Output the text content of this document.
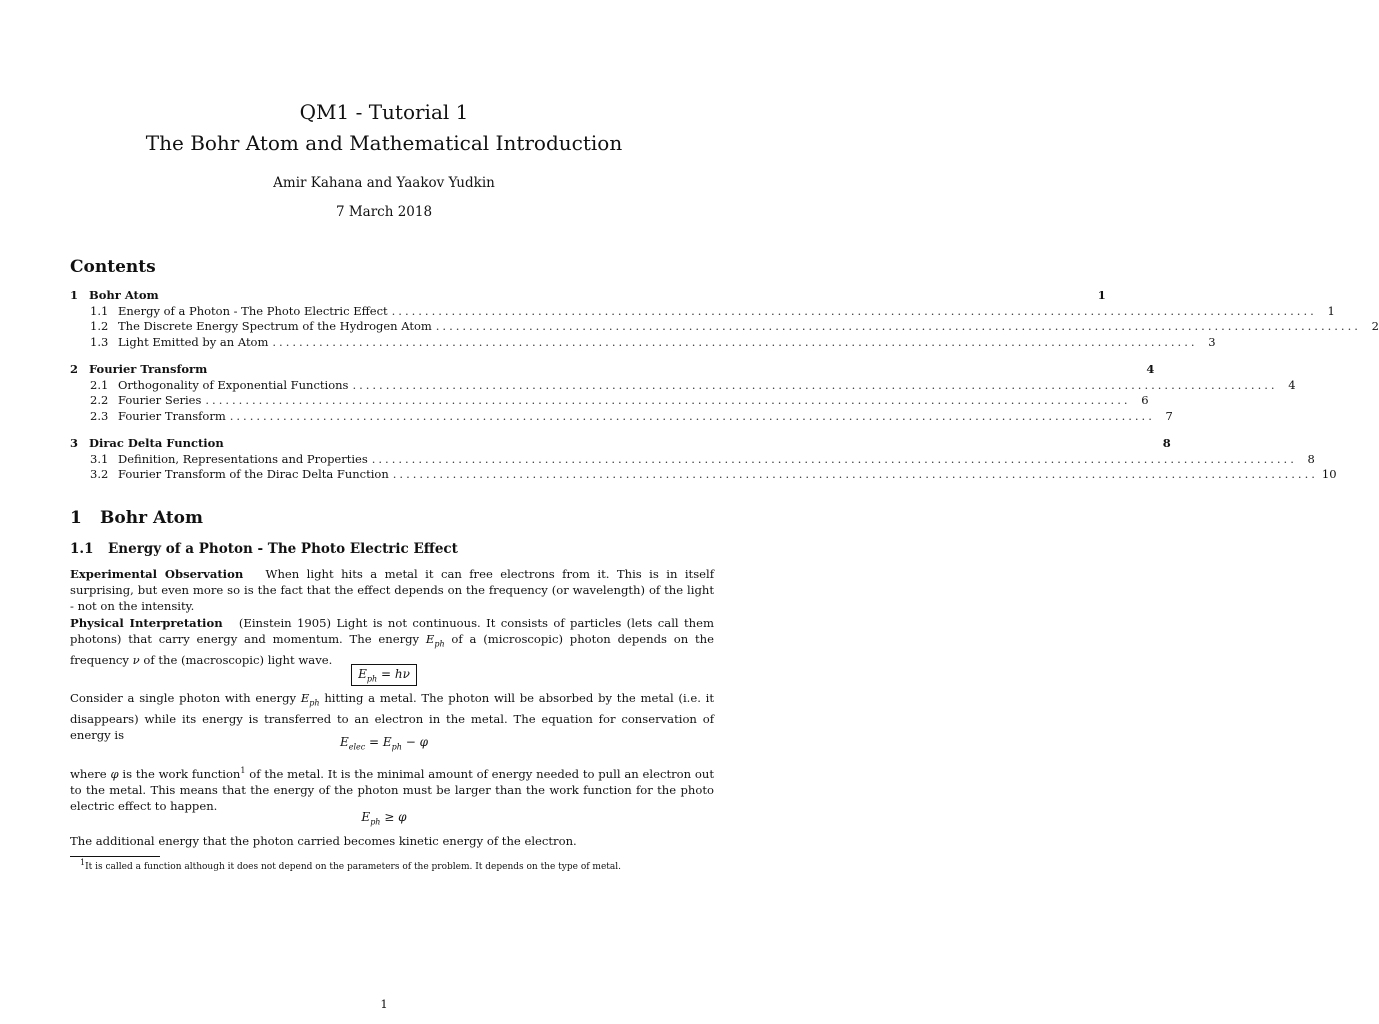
QM1 - Tutorial 1
The Bohr Atom and Mathematical Introduction
Amir Kahana and Yaakov Yudkin
7 March 2018
Contents
1 Bohr Atom	1
1.1 Energy of a Photon - The Photo Electric Effect ........................................................................................................................................... 1
1.2 The Discrete Energy Spectrum of the Hydrogen Atom ........................................................................................................................................... 2
1.3 Light Emitted by an Atom ........................................................................................................................................... 3
2 Fourier Transform	4
2.1 Orthogonality of Exponential Functions ........................................................................................................................................... 4
2.2 Fourier Series ........................................................................................................................................... 6
2.3 Fourier Transform ........................................................................................................................................... 7
3 Dirac Delta Function	8
3.1 Definition, Representations and Properties ........................................................................................................................................... 8
3.2 Fourier Transform of the Dirac Delta Function ........................................................................................................................................... 10
1 Bohr Atom
1.1 Energy of a Photon - The Photo Electric Effect
Experimental Observation When light hits a metal it can free electrons from it. This is in itself surprising, but even more so is the fact that the effect depends on the frequency (or wavelength) of the light - not on the intensity.
Physical Interpretation (Einstein 1905) Light is not continuous. It consists of particles (lets call them photons) that carry energy and momentum. The energy $E_{ph}$ of a (microscopic) photon depends on the frequency ν of the (macroscopic) light wave.
$E_{ph} = h\nu$
Consider a single photon with energy $E_{ph}$ hitting a metal. The photon will be absorbed by the metal (i.e. it disappears) while its energy is transferred to an electron in the metal. The equation for conservation of energy is	$E_{elec} = E_{ph} - \varphi$
where φ is the work function$^1$ of the metal. It is the minimal amount of energy needed to pull an electron out to the metal. This means that the energy of the photon must be larger than the work function for the photo electric effect to happen.
$E_{ph} \ge \varphi$
The additional energy that the photon carried becomes kinetic energy of the electron.
1It is called a function although it does not depend on the parameters of the problem. It depends on the type of metal.
1
